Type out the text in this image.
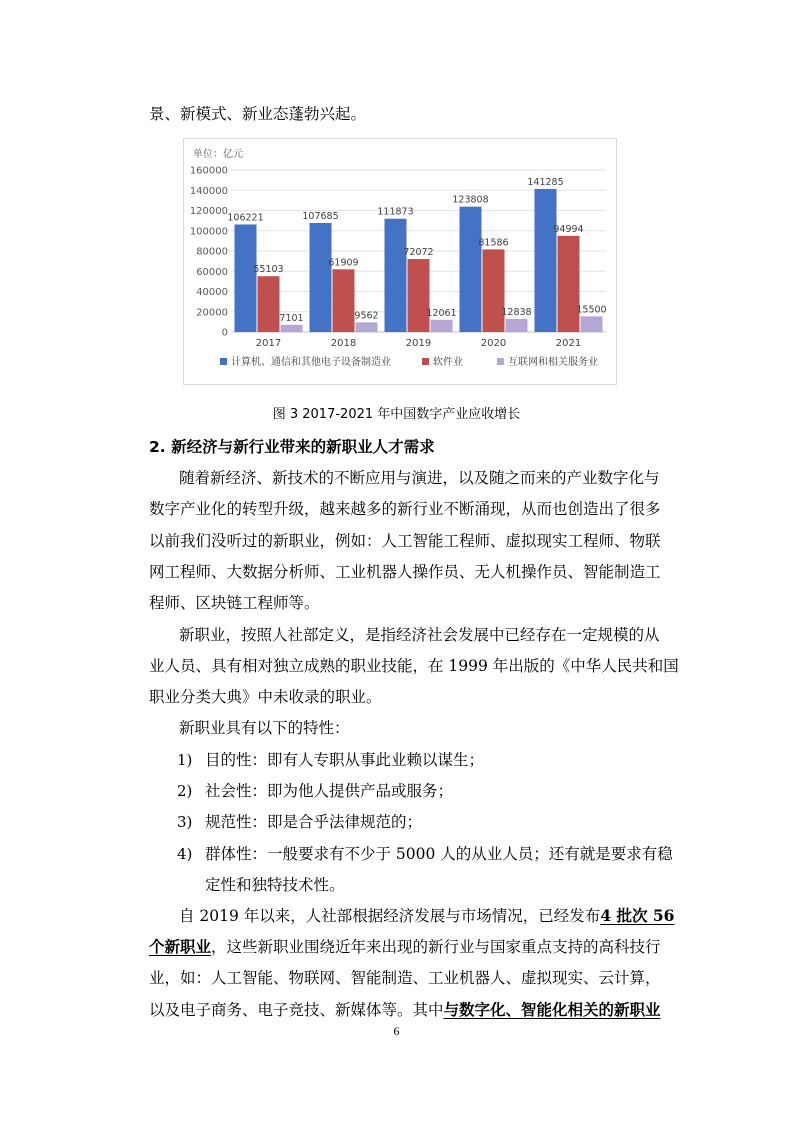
景、新模式、新业态蓬勃兴起。
单位：亿元
0
20000
40000
60000
80000
100000
120000
140000
160000
106221
55103
7101
2017
107685
61909
9562
2018
111873
72072
12061
2019
123808
81586
12838
2020
141285
94994
15500
2021
计算机、通信和其他电子设备制造业	软件业	互联网和相关服务业
图 3 2017-2021 年中国数字产业应收增长
2. 新经济与新行业带来的新职业人才需求
随着新经济、新技术的不断应用与演进，以及随之而来的产业数字化与
数字产业化的转型升级，越来越多的新行业不断涌现，从而也创造出了很多
以前我们没听过的新职业，例如：人工智能工程师、虚拟现实工程师、物联
网工程师、大数据分析师、工业机器人操作员、无人机操作员、智能制造工
程师、区块链工程师等。
新职业，按照人社部定义，是指经济社会发展中已经存在一定规模的从
业人员、具有相对独立成熟的职业技能，在 1999 年出版的《中华人民共和国
职业分类大典》中未收录的职业。
新职业具有以下的特性：
1) 目的性：即有人专职从事此业赖以谋生；
2) 社会性：即为他人提供产品或服务；
3) 规范性：即是合乎法律规范的；
4) 群体性：一般要求有不少于 5000 人的从业人员；还有就是要求有稳
定性和独特技术性。
自 2019 年以来，人社部根据经济发展与市场情况，已经发布4 批次 56
个新职业，这些新职业围绕近年来出现的新行业与国家重点支持的高科技行
业，如：人工智能、物联网、智能制造、工业机器人、虚拟现实、云计算，
以及电子商务、电子竞技、新媒体等。其中与数字化、智能化相关的新职业
6
